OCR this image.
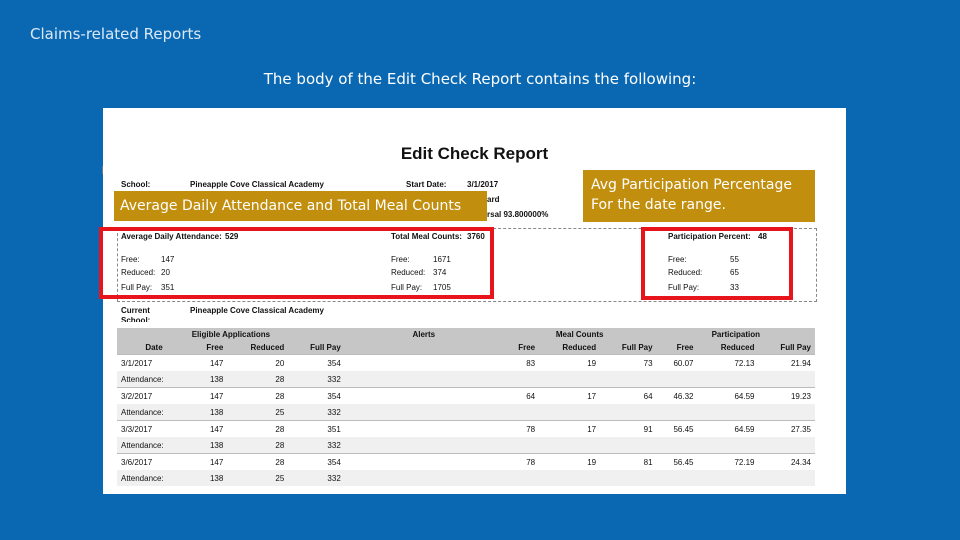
Claims-related Reports
The body of the Edit Check Report contains the following:
Edit Check Report
School:	Pineapple Cove Classical Academy	Start Date:	3/1/2017
ard
rsal 93.800000%
Average Daily Attendance: 529
Free:	147
Reduced: 20
Full Pay: 351
Total Meal Counts: 3760
Free:	1671
Reduced: 374
Full Pay: 1705
Participation Percent: 48
Free:	55
Reduced:	65
Full Pay:	33
Current
School:
Pineapple Cove Classical Academy
Eligible Applications				Alerts	Meal Counts			Participation		
Date	Free	Reduced	Full Pay		Free	Reduced	Full Pay	Free	Reduced	Full Pay
3/1/2017	147	20	354		83	19	73	60.07	72.13	21.94
Attendance:	138	28	332							
3/2/2017	147	28	354		64	17	64	46.32	64.59	19.23
Attendance:	138	25	332							
3/3/2017	147	28	351		78	17	91	56.45	64.59	27.35
Attendance:	138	28	332							
3/6/2017	147	28	354		78	19	81	56.45	72.19	24.34
Attendance:	138	25	332							
Average Daily Attendance and Total Meal Counts
Avg Participation Percentage
For the date range.
